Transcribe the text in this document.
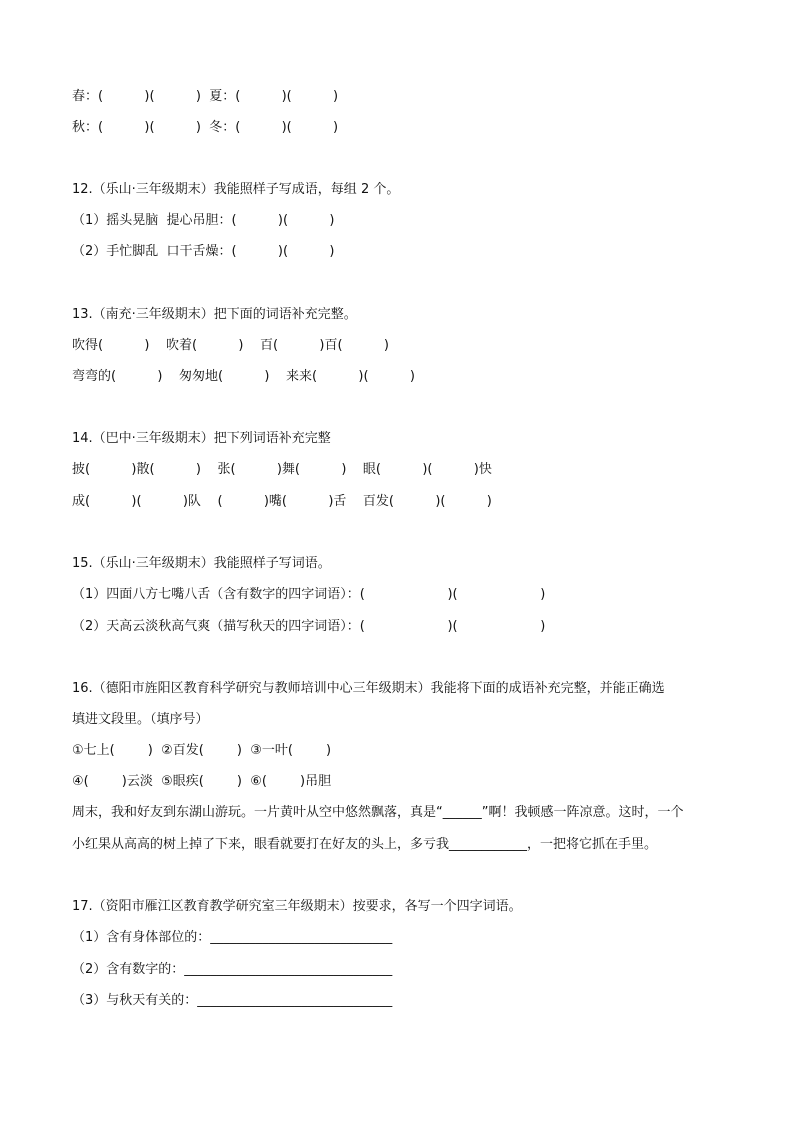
春：(          )(          )  夏：(          )(          )
秋：(          )(          )  冬：(          )(          )
12.（乐山·三年级期末）我能照样子写成语，每组 2 个。
（1）摇头晃脑  提心吊胆：(          )(          )
（2）手忙脚乱  口干舌燥：(          )(          )
13.（南充·三年级期末）把下面的词语补充完整。
吹得(          )    吹着(          )    百(          )百(          )
弯弯的(          )    匆匆地(          )    来来(          )(          )
14.（巴中·三年级期末）把下列词语补充完整
披(          )散(          )    张(          )舞(          )    眼(          )(          )快
成(          )(          )队    (          )嘴(          )舌    百发(          )(          )
15.（乐山·三年级期末）我能照样子写词语。
（1）四面八方七嘴八舌（含有数字的四字词语）：(                    )(                    )
（2）天高云淡秋高气爽（描写秋天的四字词语）：(                    )(                    )
16.（德阳市旌阳区教育科学研究与教师培训中心三年级期末）我能将下面的成语补充完整，并能正确选
填进文段里。（填序号）
①七上(        )  ②百发(        )  ③一叶(        )
④(        )云淡  ⑤眼疾(        )  ⑥(        )吊胆
周末，我和好友到东湖山游玩。一片黄叶从空中悠然飘落，真是“______”啊！我顿感一阵凉意。这时，一个
小红果从高高的树上掉了下来，眼看就要打在好友的头上，多亏我____________，一把将它抓在手里。
17.（资阳市雁江区教育教学研究室三年级期末）按要求，各写一个四字词语。
（1）含有身体部位的：____________________________
（2）含有数字的：________________________________
（3）与秋天有关的：______________________________
